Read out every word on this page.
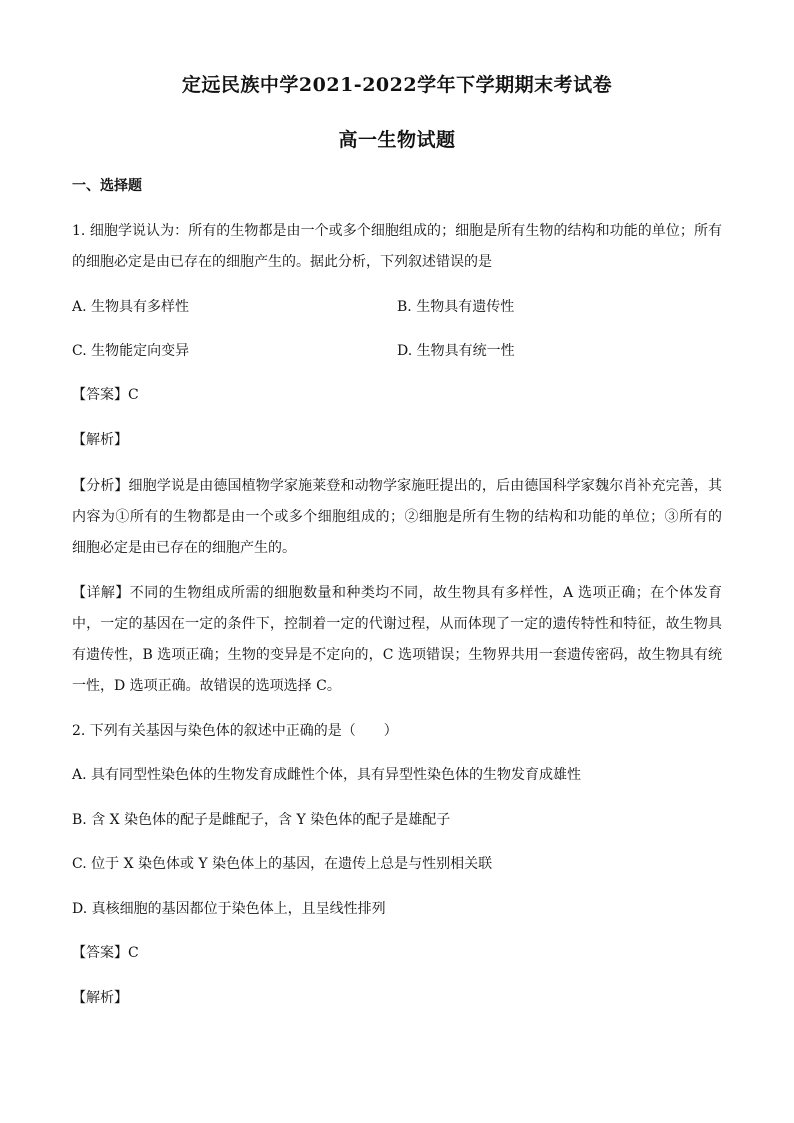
定远民族中学2021-2022学年下学期期末考试卷
高一生物试题
一、选择题
1. 细胞学说认为：所有的生物都是由一个或多个细胞组成的；细胞是所有生物的结构和功能的单位；所有
的细胞必定是由已存在的细胞产生的。据此分析，下列叙述错误的是
A. 生物具有多样性	B. 生物具有遗传性
C. 生物能定向变异	D. 生物具有统一性
【答案】C
【解析】
【分析】细胞学说是由德国植物学家施莱登和动物学家施旺提出的，后由德国科学家魏尔肖补充完善，其
内容为①所有的生物都是由一个或多个细胞组成的；②细胞是所有生物的结构和功能的单位；③所有的
细胞必定是由已存在的细胞产生的。
【详解】不同的生物组成所需的细胞数量和种类均不同，故生物具有多样性，A 选项正确；在个体发育
中，一定的基因在一定的条件下，控制着一定的代谢过程，从而体现了一定的遗传特性和特征，故生物具
有遗传性，B 选项正确；生物的变异是不定向的，C 选项错误；生物界共用一套遗传密码，故生物具有统
一性，D 选项正确。故错误的选项选择 C。
2. 下列有关基因与染色体的叙述中正确的是（　　）
A. 具有同型性染色体的生物发育成雌性个体，具有异型性染色体的生物发育成雄性
B. 含 X 染色体的配子是雌配子，含 Y 染色体的配子是雄配子
C. 位于 X 染色体或 Y 染色体上的基因，在遗传上总是与性别相关联
D. 真核细胞的基因都位于染色体上，且呈线性排列
【答案】C
【解析】
